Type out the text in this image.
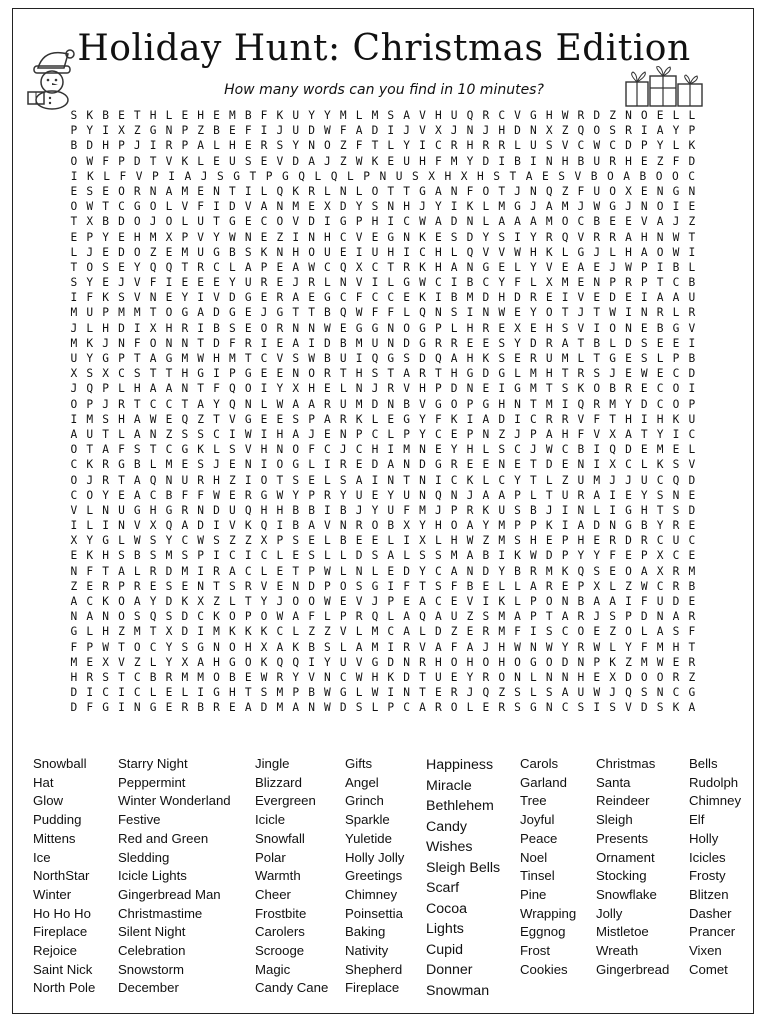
Holiday Hunt: Christmas Edition
How many words can you find in 10 minutes?
S K B E T H L E H E M B F K U Y Y M L M S A V H U Q R C V G H W R D Z N O E L L
P Y I X Z G N P Z B E F I J U D W F A D I J V X J N J H D N X Z Q O S R I A Y P
B D H P J I R P A L H E R S Y N O Z F T L Y I C R H R R L U S V C W C D P Y L K
O W F P D T V K L E U S E V D A J Z W K E U H F M Y D I B I N H B U R H E Z F D
I K L F V P I A J S G T P G Q L Q L P N U S X H X H S T A E S V B O A B O O C
E S E O R N A M E N T I L Q K R L N L O T T G A N F O T J N Q Z F U O X E N G N
O W T C G O L V F I D V A N M E X D Y S N H J Y I K L M G J A M J W G J N O I E
T X B D O J O L U T G E C O V D I G P H I C W A D N L A A A M O C B E E V A J Z
E P Y E H M X P V Y W N E Z I N H C V E G N K E S D Y S I Y R Q V R R A H N W T
L J E D O Z E M U G B S K N H O U E I U H I C H L Q V V W H K L G J L H A O W I
T O S E Y Q Q T R C L A P E A W C Q X C T R K H A N G E L Y V E A E J W P I B L
S Y E J V F I E E E Y U R E J R L N V I L G W C I B C Y F L X M E N P R P T C B
I F K S V N E Y I V D G E R A E G C F C C E K I B M D H D R E I V E D E I A A U
M U P M M T O G A D G E J G T T B Q W F F L Q N S I N W E Y O T J T W I N R L R
J L H D I X H R I B S E O R N N W E G G N O G P L H R E X E H S V I O N E B G V
M K J N F O N N T D F R I E A I D B M U N D G R R E E S Y D R A T B L D S E E I
U Y G P T A G M W H M T C V S W B U I Q G S D Q A H K S E R U M L T G E S L P B
X S X C S T T H G I P G E E N O R T H S T A R T H G D G L M H T R S J E W E C D
J Q P L H A A N T F Q O I Y X H E L N J R V H P D N E I G M T S K O B R E C O I
O P J R T C C T A Y Q N L W A A R U M D N B V G O P G H N T M I Q R M Y D C O P
I M S H A W E Q Z T V G E E S P A R K L E G Y F K I A D I C R R V F T H I H K U
A U T L A N Z S S C I W I H A J E N P C L P Y C E P N Z J P A H F V X A T Y I C
O T A F S T C G K L S V H N O F C J C H I M N E Y H L S C J W C B I Q D E M E L
C K R G B L M E S J E N I O G L I R E D A N D G R E E N E T D E N I X C L K S V
O J R T A Q N U R H Z I O T S E L S A I N T N I C K L C Y T L Z U M J J U C Q D
C O Y E A C B F F W E R G W Y P R Y U E Y U N Q N J A A P L T U R A I E Y S N E
V L N U G H G R N D U Q H H B B I B J Y U F M J P R K U S B J I N L I G H T S D
I L I N V X Q A D I V K Q I B A V N R O B X Y H O A Y M P P K I A D N G B Y R E
X Y G L W S Y C W S Z Z X P S E L B E E L I X L H W Z M S H E P H E R D R C U C
E K H S B S M S P I C I C L E S L L D S A L S S M A B I K W D P Y Y F E P X C E
N F T A L R D M I R A C L E T P W L N L E D Y C A N D Y B R M K Q S E O A X R M
Z E R P R E S E N T S R V E N D P O S G I F T S F B E L L A R E P X L Z W C R B
A C K O A Y D K X Z L T Y J O O W E V J P E A C E V I K L P O N B A A I F U D E
N A N O S Q S D C K O P O W A F L P R Q L A Q A U Z S M A P T A R J S P D N A R
G L H Z M T X D I M K K K C L Z Z V L M C A L D Z E R M F I S C O E Z O L A S F
F P W T O C Y S G N O H X A K B S L A M I R V A F A J H W N W Y R W L Y F M H T
M E X V Z L Y X A H G O K Q Q I Y U V G D N R H O H O H O G O D N P K Z M W E R
H R S T C B R M M O B E W R Y V N C W H K D T U E Y R O N L N N H E X D O O R Z
D I C I C L E L I G H T S M P B W G L W I N T E R J Q Z S L S A U W J Q S N C G
D F G I N G E R B R E A D M A N W D S L P C A R O L E R S G N C S I S V D S K A
Snowball
Hat
Glow
Pudding
Mittens
Ice
NorthStar
Winter
Ho Ho Ho
Fireplace
Rejoice
Saint Nick
North Pole
Starry Night
Peppermint
Winter Wonderland
Festive
Red and Green
Sledding
Icicle Lights
Gingerbread Man
Christmastime
Silent Night
Celebration
Snowstorm
December
Jingle
Blizzard
Evergreen
Icicle
Snowfall
Polar
Warmth
Cheer
Frostbite
Carolers
Scrooge
Magic
Candy Cane
Gifts
Angel
Grinch
Sparkle
Yuletide
Holly Jolly
Greetings
Chimney
Poinsettia
Baking
Nativity
Shepherd
Fireplace
Happiness
Miracle
Bethlehem
Candy
Wishes
Sleigh Bells
Scarf
Cocoa
Lights
Cupid
Donner
Snowman
Carols
Garland
Tree
Joyful
Peace
Noel
Tinsel
Pine
Wrapping
Eggnog
Frost
Cookies
Christmas
Santa
Reindeer
Sleigh
Presents
Ornament
Stocking
Snowflake
Jolly
Mistletoe
Wreath
Gingerbread
Bells
Rudolph
Chimney
Elf
Holly
Icicles
Frosty
Blitzen
Dasher
Prancer
Vixen
Comet
